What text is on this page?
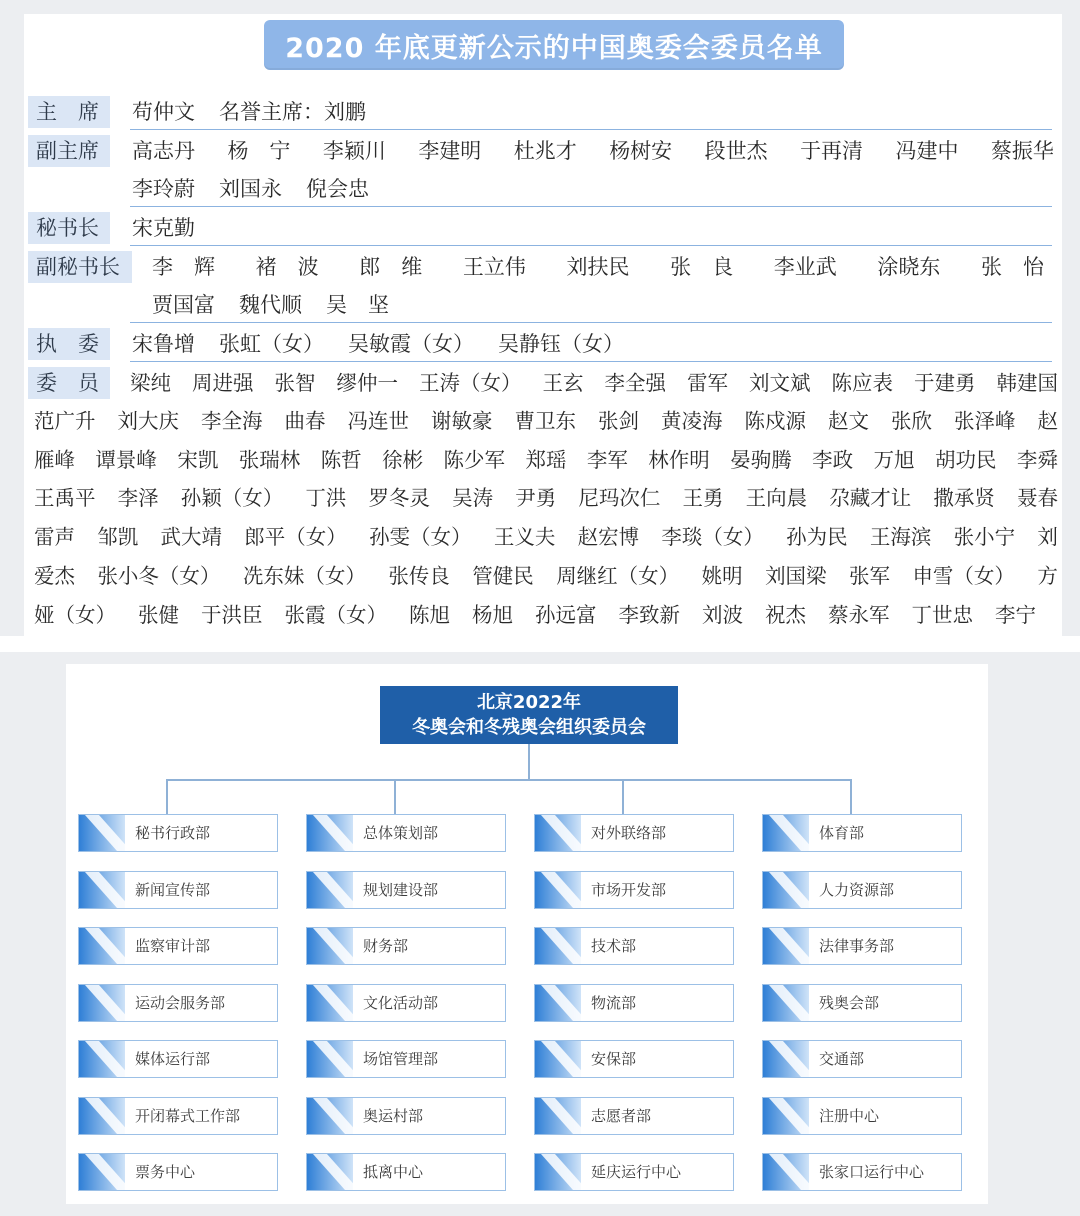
2020 年底更新公示的中国奥委会委员名单
主　席	苟仲文 名誉主席：刘鹏
副主席	高志丹 杨　宁 李颖川 李建明 杜兆才 杨树安 段世杰 于再清 冯建中 蔡振华
李玲蔚 刘国永 倪会忠
秘书长	宋克勤
副秘书长	李　辉 褚　波 郎　维 王立伟 刘扶民 张　良 李业武 涂晓东 张　怡
贾国富 魏代顺 吴　坚
执　委	宋鲁增 张虹（女） 吴敏霞（女） 吴静钰（女）
委　员	梁纯 周进强 张智 缪仲一 王涛（女） 王玄 李全强 雷军 刘文斌 陈应表 于建勇 韩建国
范广升 刘大庆 李全海 曲春 冯连世 谢敏豪 曹卫东 张剑 黄凌海 陈戍源 赵文 张欣 张泽峰 赵
雁峰 谭景峰 宋凯 张瑞林 陈哲 徐彬 陈少军 郑瑶 李军 林作明 晏驹腾 李政 万旭 胡功民 李舜
王禹平 李泽 孙颖（女） 丁洪 罗冬灵 吴涛 尹勇 尼玛次仁 王勇 王向晨 尕藏才让 撒承贤 聂春
雷声 邹凯 武大靖 郎平（女） 孙雯（女） 王义夫 赵宏博 李琰（女） 孙为民 王海滨 张小宁 刘
爱杰 张小冬（女） 冼东妹（女） 张传良 管健民 周继红（女） 姚明 刘国梁 张军 申雪（女） 方
娅（女） 张健 于洪臣 张霞（女） 陈旭 杨旭 孙远富 李致新 刘波 祝杰 蔡永军 丁世忠 李宁
北京2022年
冬奥会和冬残奥会组织委员会
秘书行政部
新闻宣传部
监察审计部
运动会服务部
媒体运行部
开闭幕式工作部
票务中心
总体策划部
规划建设部
财务部
文化活动部
场馆管理部
奥运村部
抵离中心
对外联络部
市场开发部
技术部
物流部
安保部
志愿者部
延庆运行中心
体育部
人力资源部
法律事务部
残奥会部
交通部
注册中心
张家口运行中心
